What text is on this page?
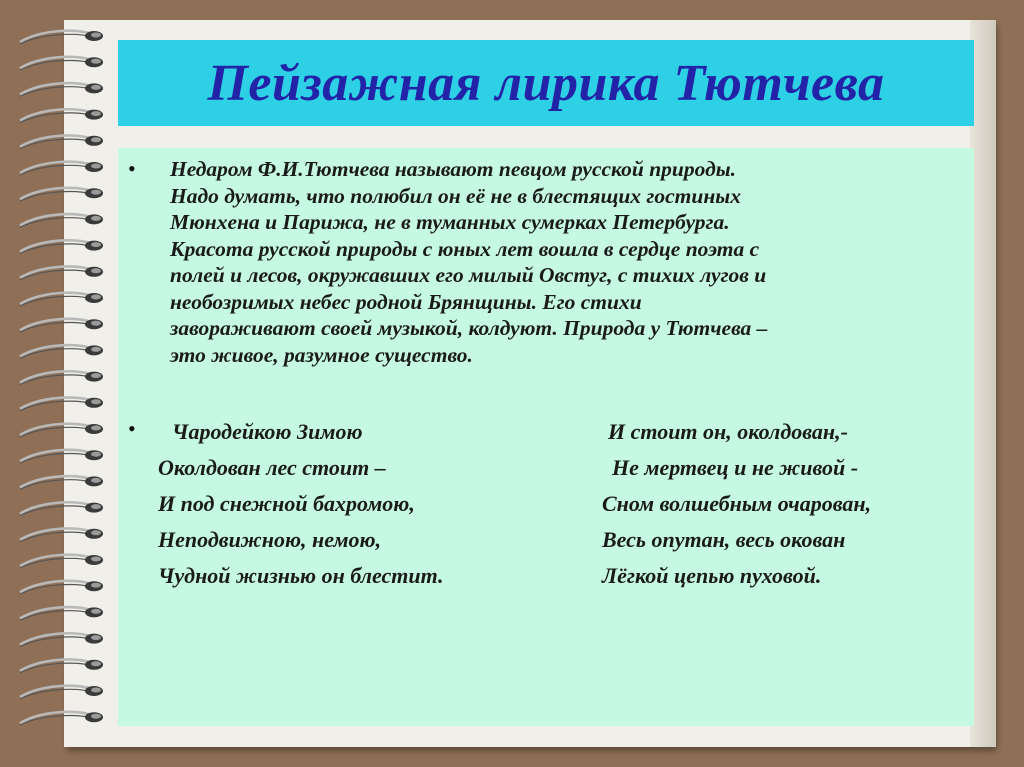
Пейзажная лирика Тютчева
• Недаром Ф.И.Тютчева называют певцом русской природы.
Надо думать, что полюбил он её не в блестящих гостиных
Мюнхена и Парижа, не в туманных сумерках Петербурга.
Красота русской природы с юных лет вошла в сердце поэта с
полей и лесов, окружавших его милый Овстуг, с тихих лугов и
необозримых небес родной Брянщины. Его стихи
завораживают своей музыкой, колдуют. Природа у Тютчева –
это живое, разумное существо.
•	Чародейкою Зимою
Околдован лес стоит –
И под снежной бахромою,
Неподвижною, немою,
Чудной жизнью он блестит.
И стоит он, околдован,-
Не мертвец и не живой -
Сном волшебным очарован,
Весь опутан, весь окован
Лёгкой цепью пуховой.
